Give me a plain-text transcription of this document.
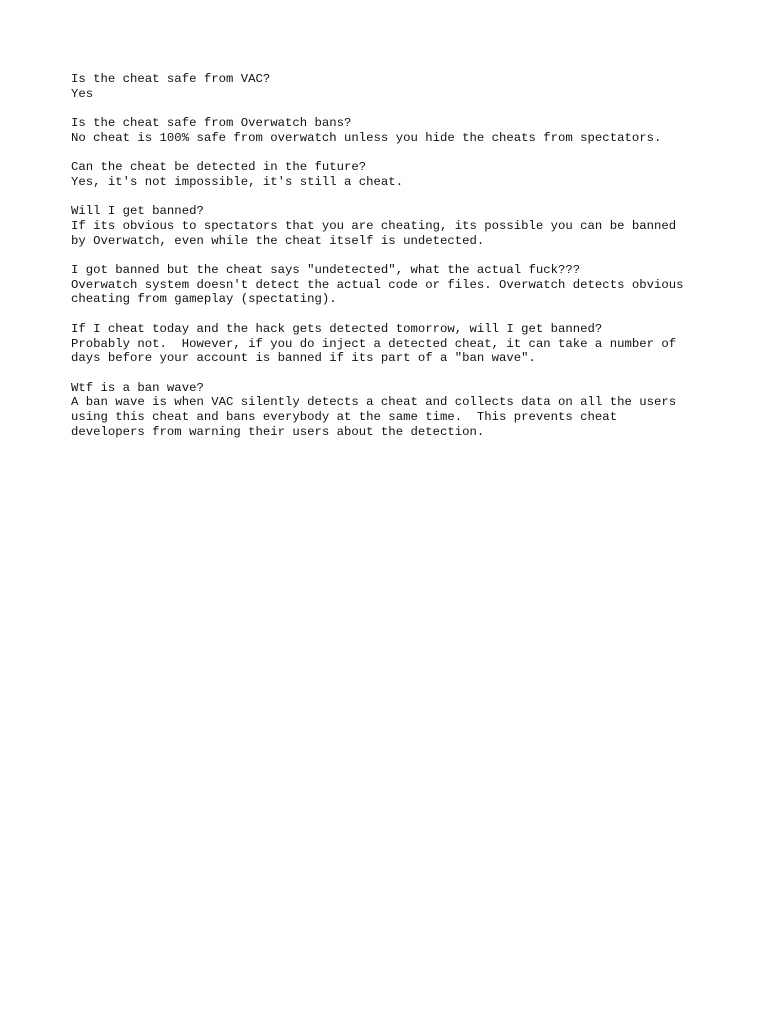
Is the cheat safe from VAC?
Yes
Is the cheat safe from Overwatch bans?
No cheat is 100% safe from overwatch unless you hide the cheats from spectators.
Can the cheat be detected in the future?
Yes, it's not impossible, it's still a cheat.
Will I get banned?
If its obvious to spectators that you are cheating, its possible you can be banned
by Overwatch, even while the cheat itself is undetected.
I got banned but the cheat says "undetected", what the actual fuck???
Overwatch system doesn't detect the actual code or files. Overwatch detects obvious
cheating from gameplay (spectating).
If I cheat today and the hack gets detected tomorrow, will I get banned?
Probably not.  However, if you do inject a detected cheat, it can take a number of
days before your account is banned if its part of a "ban wave".
Wtf is a ban wave?
A ban wave is when VAC silently detects a cheat and collects data on all the users
using this cheat and bans everybody at the same time.  This prevents cheat
developers from warning their users about the detection.
